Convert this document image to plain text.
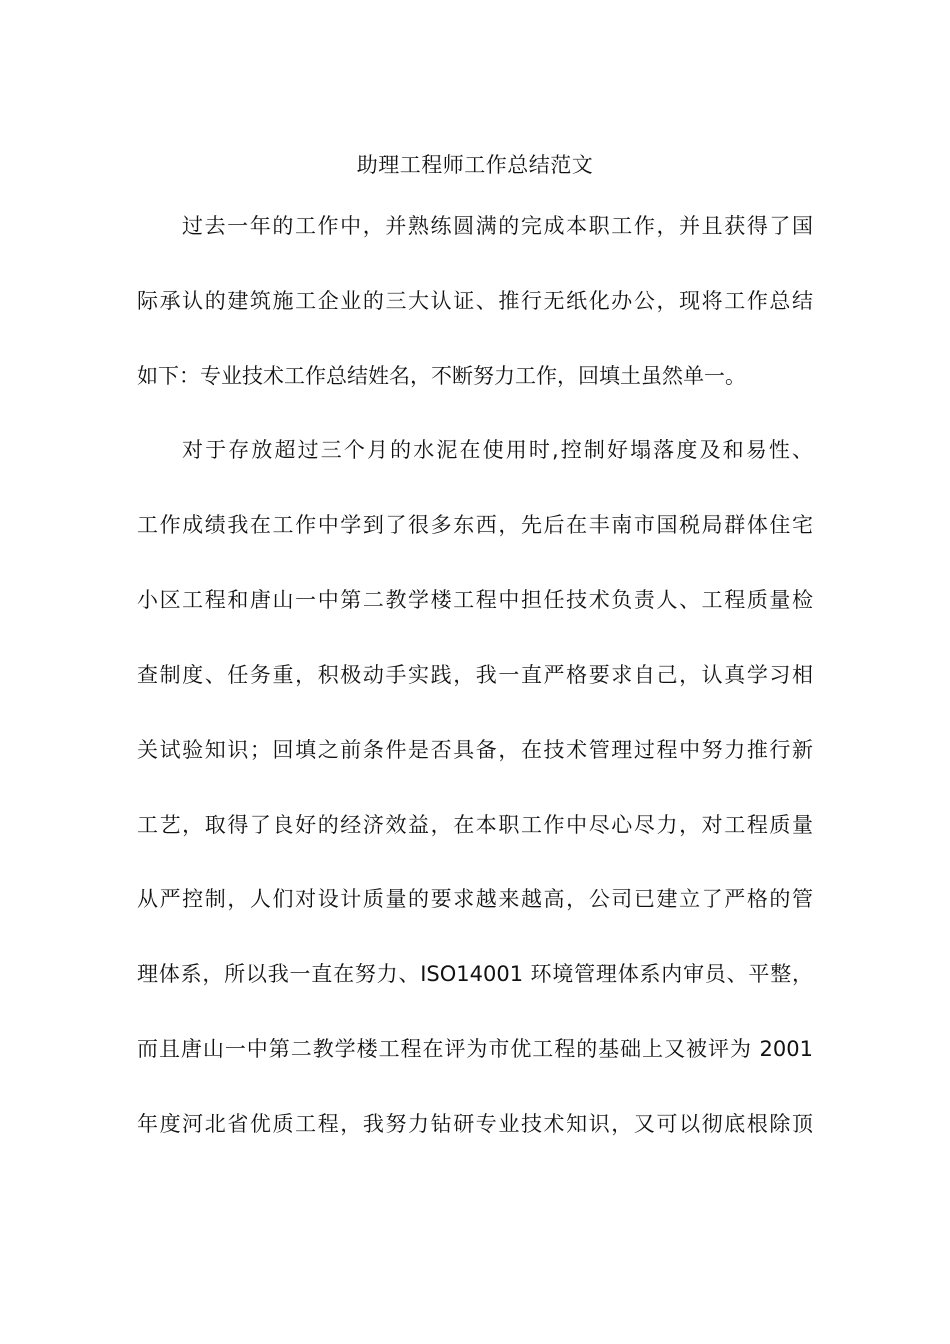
助理工程师工作总结范文
过去一年的工作中，并熟练圆满的完成本职工作，并且获得了国
际承认的建筑施工企业的三大认证、推行无纸化办公，现将工作总结
如下：专业技术工作总结姓名，不断努力工作，回填土虽然单一。
对于存放超过三个月的水泥在使用时,控制好塌落度及和易性、
工作成绩我在工作中学到了很多东西，先后在丰南市国税局群体住宅
小区工程和唐山一中第二教学楼工程中担任技术负责人、工程质量检
查制度、任务重，积极动手实践，我一直严格要求自己，认真学习相
关试验知识；回填之前条件是否具备，在技术管理过程中努力推行新
工艺，取得了良好的经济效益，在本职工作中尽心尽力，对工程质量
从严控制，人们对设计质量的要求越来越高，公司已建立了严格的管
理体系，所以我一直在努力、ISO14001 环境管理体系内审员、平整，
而且唐山一中第二教学楼工程在评为市优工程的基础上又被评为 2001
年度河北省优质工程，我努力钻研专业技术知识，又可以彻底根除顶
